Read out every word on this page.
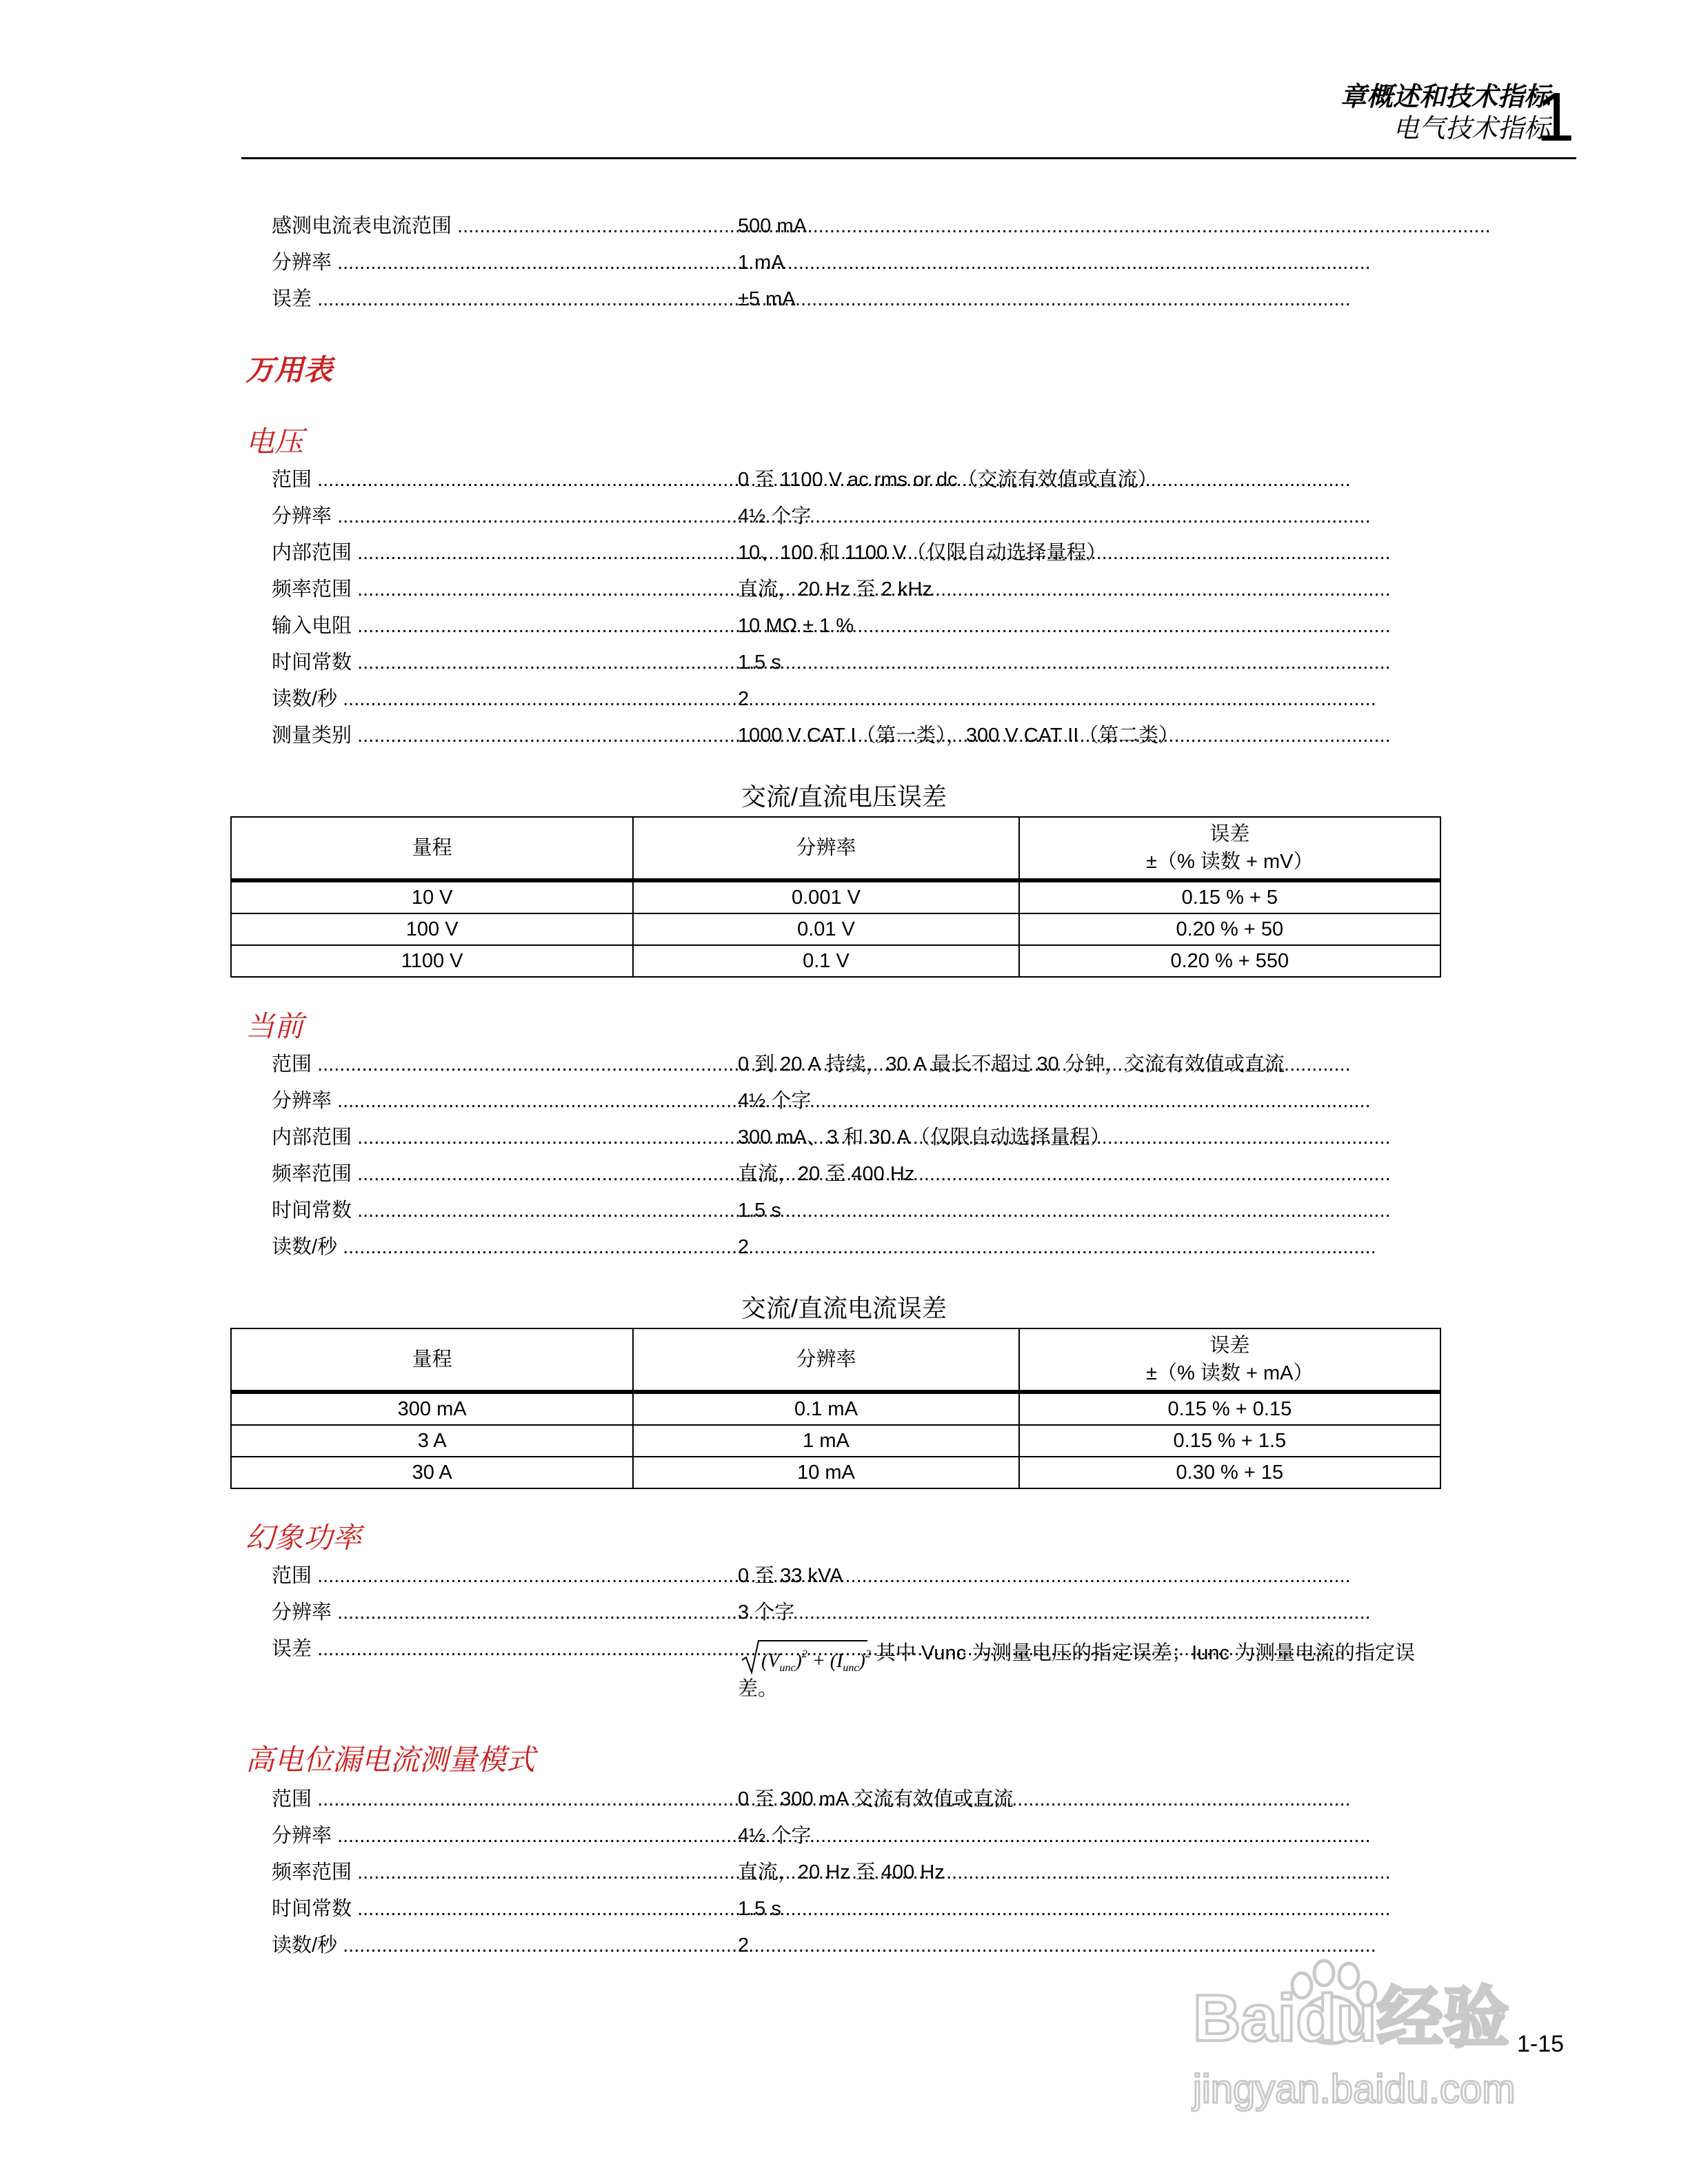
章概述和技术指标
电气技术指标
1
感测电流表电流范围 .....	500 mA
分辨率 .....	1 mA
误差 .....	±5 mA
万用表
电压
范围 .....	0 至 1100 V ac rms or dc（交流有效值或直流）
分辨率 .....	4½ 个字
内部范围 .....	10、100 和 1100 V（仅限自动选择量程）
频率范围 .....	直流，20 Hz 至 2 kHz
输入电阻 .....	10 MΩ ± 1 %
时间常数 .....	1.5 s
读数/秒 .....	2
测量类别 .....	1000 V CAT I（第一类），300 V CAT II（第二类）
交流/直流电压误差
量程	分辨率	误差
±（% 读数 + mV）

10 V	0.001 V	0.15 % + 5
100 V	0.01 V	0.20 % + 50
1100 V	0.1 V	0.20 % + 550
当前
范围 .....	0 到 20 A 持续，30 A 最长不超过 30 分钟，交流有效值或直流
分辨率 .....	4½ 个字
内部范围 .....	300 mA、3 和 30 A（仅限自动选择量程）
频率范围 .....	直流，20 至 400 Hz
时间常数 .....	1.5 s
读数/秒 .....	2
交流/直流电流误差
量程	分辨率	误差
±（% 读数 + mA）

300 mA	0.1 mA	0.15 % + 0.15
3 A	1 mA	0.15 % + 1.5
30 A	10 mA	0.30 % + 15
幻象功率
范围 .....	0 至 33 kVA
分辨率 .....	3 个字
误差 .....	其中 Vunc 为测量电压的指定误差；Iunc 为测量电流的指定误差。
$(V_{unc})^2 + (I_{unc})^2$
高电位漏电流测量模式
范围 .....	0 至 300 mA 交流有效值或直流
分辨率 .....	4½ 个字
频率范围 .....	直流，20 Hz 至 400 Hz
时间常数 .....	1.5 s
读数/秒 .....	2
Baidu经验
jingyan.baidu.com
1-15
